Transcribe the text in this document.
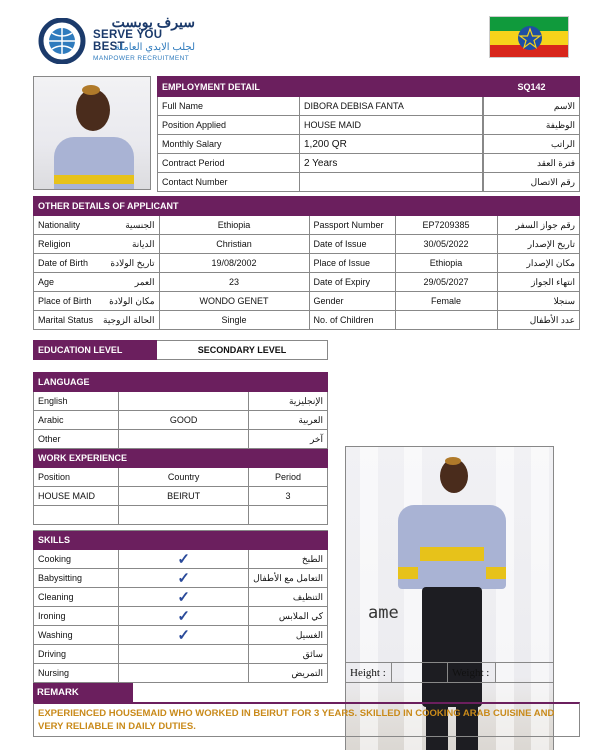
سيرف يوبست
SERVE YOU BEST
لجلب الايدي العاملة
MANPOWER RECRUITMENT
EMPLOYMENT DETAIL		SQ142
Full Name	DIBORA DEBISA FANTA		الاسم
Position Applied	HOUSE MAID		الوظيفة
Monthly Salary	1,200 QR		الراتب
Contract Period	2 Years		فترة العقد
Contact Number			رقم الاتصال
OTHER DETAILS OF APPLICANT					
Nationality	الجنسية	Ethiopia	Passport Number	EP7209385	رقم جواز السفر
Religion	الديانة	Christian	Date of Issue	30/05/2022	تاريخ الإصدار
Date of Birth	تاريخ الولادة	19/08/2002	Place of Issue	Ethiopia	مكان الإصدار
Age	العمر	23	Date of Expiry	29/05/2027	انتهاء الجواز
Place of Birth	مكان الولادة	WONDO GENET	Gender	Female	سنجلا
Marital Status	الحالة الزوجية	Single	No. of Children		عدد الأطفال
EDUCATION LEVEL	SECONDARY LEVEL
LANGUAGE		
English		الإنجليزية
Arabic	GOOD	العربية
Other		آخر
WORK EXPERIENCE		
Position	Country	Period
HOUSE MAID	BEIRUT	3

SKILLS		
Cooking	✓	الطبخ
Babysitting	✓	التعامل مع الأطفال
Cleaning	✓	التنظيف
Ironing	✓	كي الملابس
Washing	✓	الغسيل
Driving		سائق
Nursing		التمريض
ame
Height :		Weight :	
REMARK
EXPERIENCED HOUSEMAID WHO WORKED IN BEIRUT FOR 3 YEARS. SKILLED IN COOKING ARAB CUISINE AND VERY RELIABLE IN DAILY DUTIES.
